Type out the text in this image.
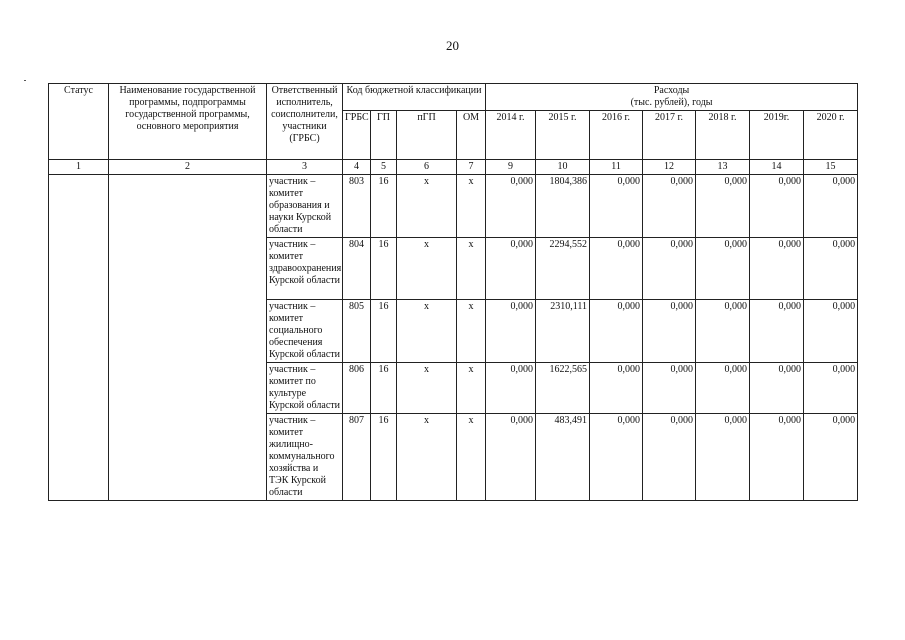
20
Статус	Наименование государственной программы, подпрограммы государственной программы, основного мероприятия	Ответственный исполнитель, соисполнители, участники (ГРБС)	Код бюджетной классификации				Расходы
(тыс. рублей), годы						

			ГРБС	ГП	пГП	ОМ	2014 г.	2015 г.	2016 г.	2017 г.	2018 г.	2019г.	2020 г.
1	2	3	4	5	6	7	9	10	11	12	13	14	15
		участник – комитет образования и науки Курской области	803	16	х	х	0,000	1804,386	0,000	0,000	0,000	0,000	0,000
		участник – комитет здравоохранения Курской области	804	16	х	х	0,000	2294,552	0,000	0,000	0,000	0,000	0,000
		участник – комитет социального обеспечения Курской области	805	16	х	х	0,000	2310,111	0,000	0,000	0,000	0,000	0,000
		участник – комитет по культуре Курской области	806	16	х	х	0,000	1622,565	0,000	0,000	0,000	0,000	0,000
		участник – комитет жилищно-коммунального хозяйства и ТЭК Курской области	807	16	х	х	0,000	483,491	0,000	0,000	0,000	0,000	0,000
